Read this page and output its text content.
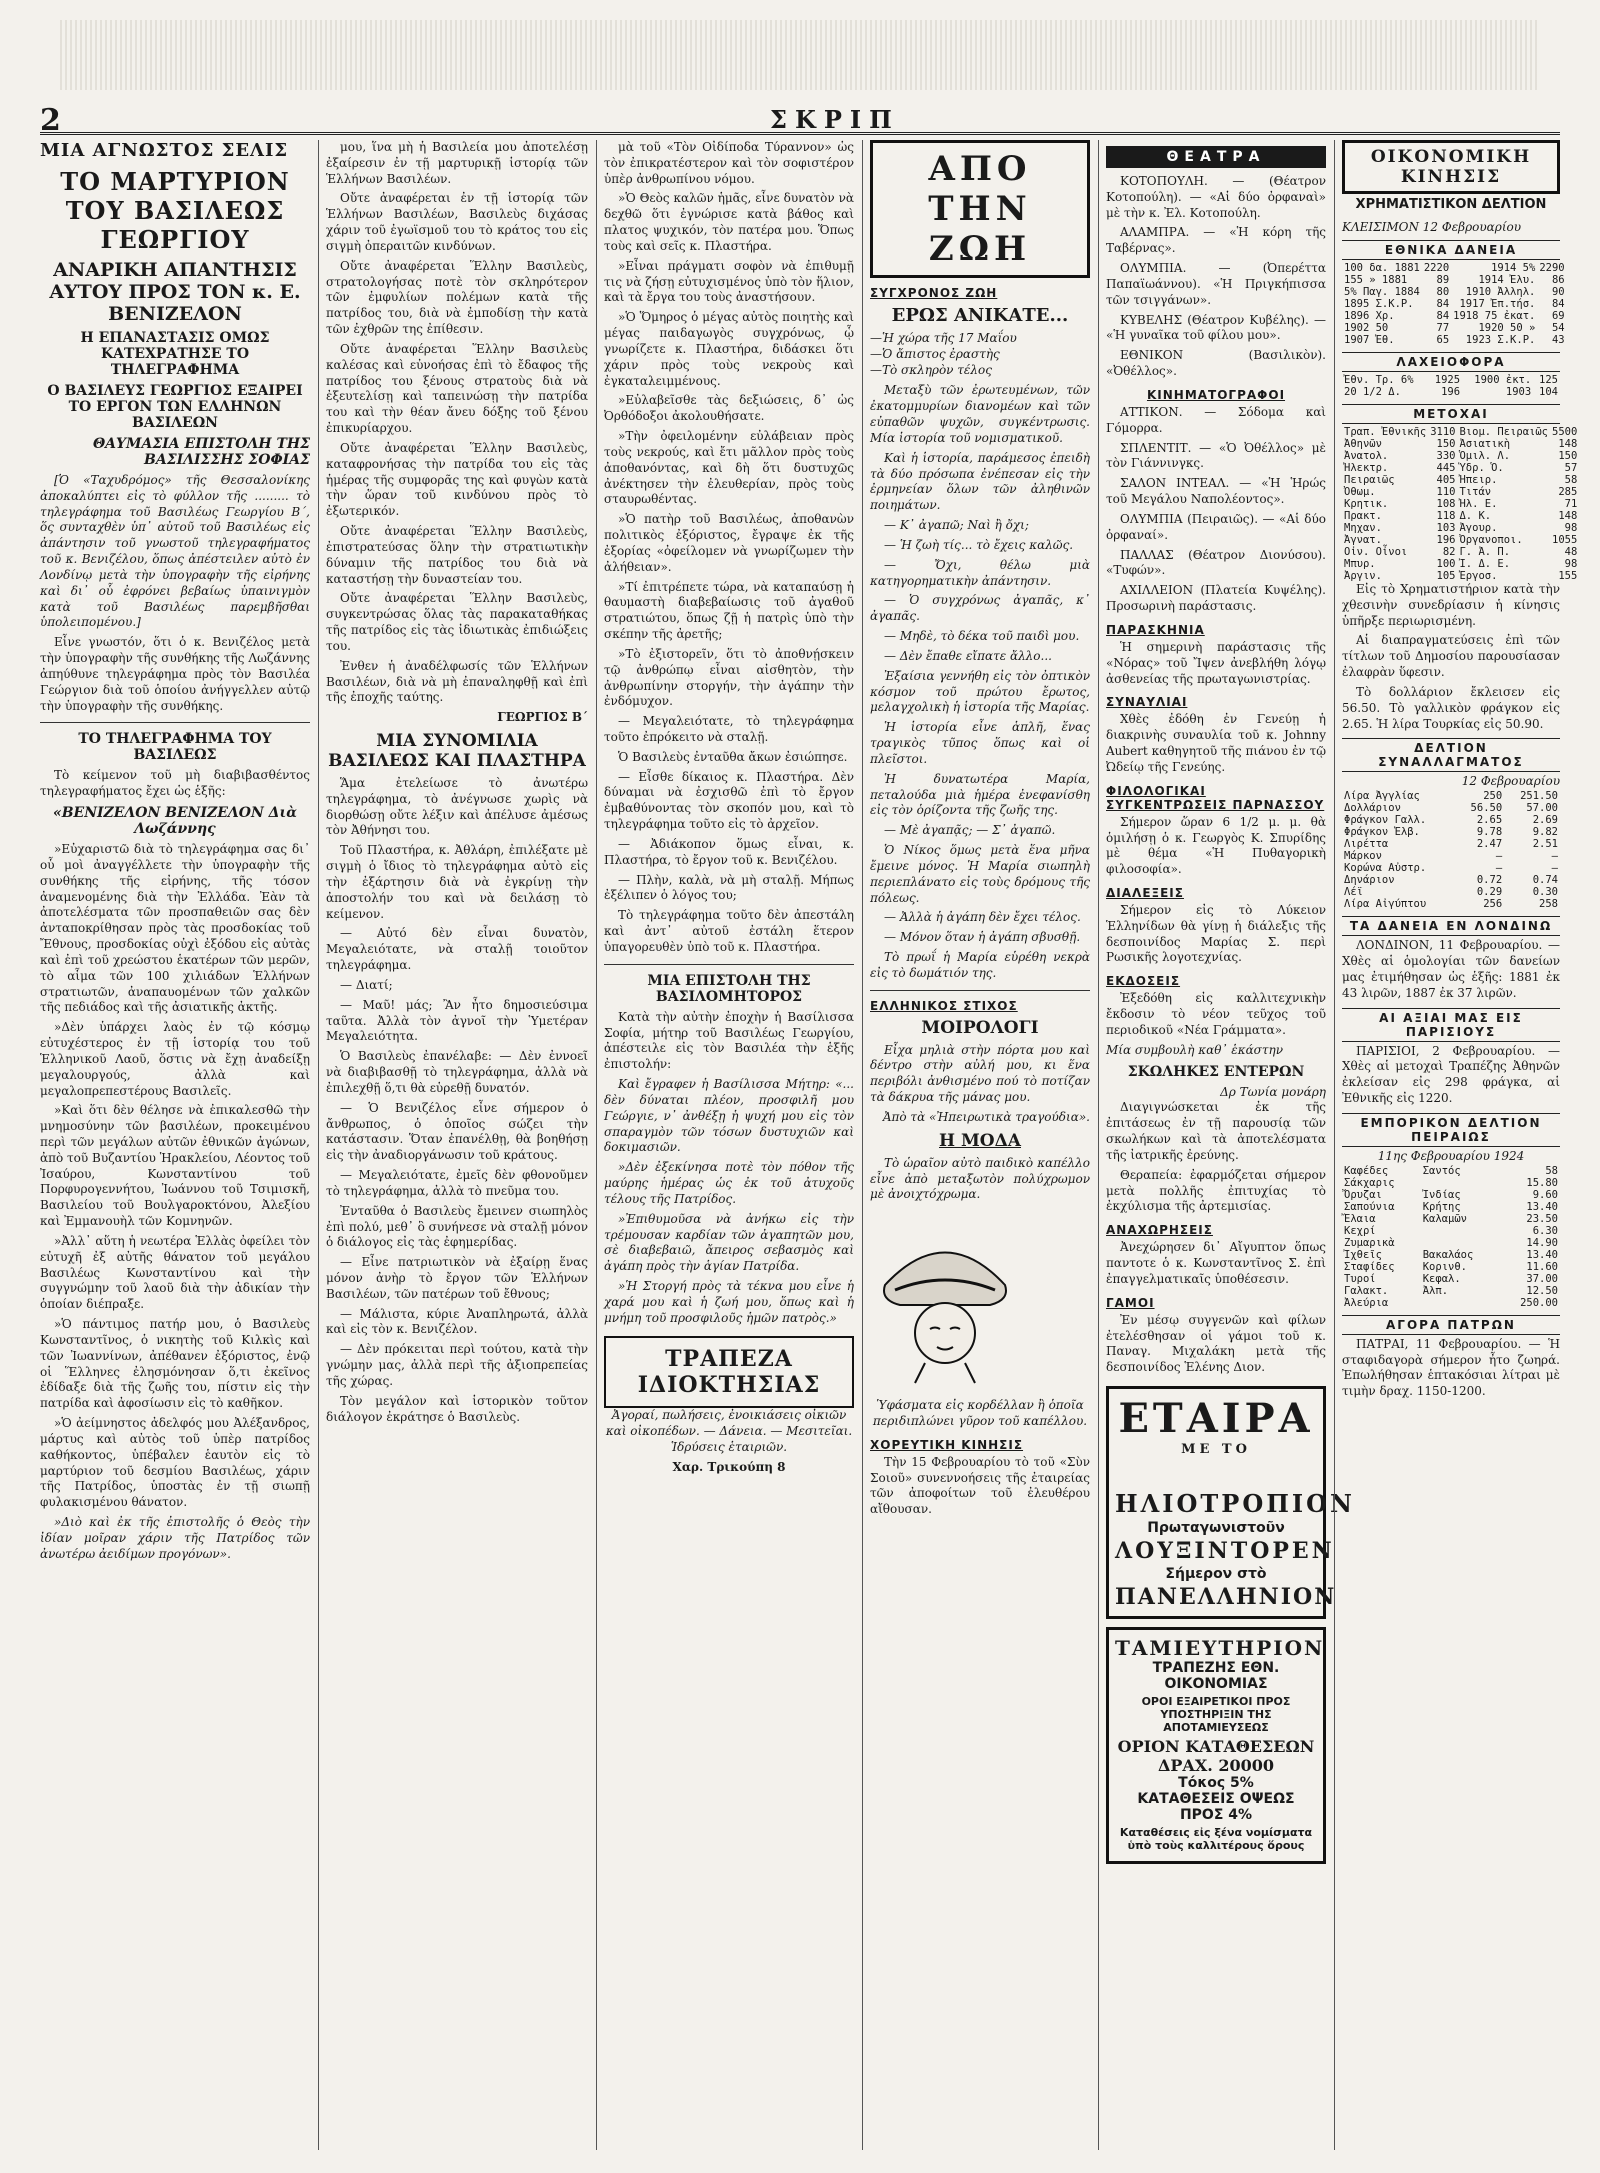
2	ΣΚΡΙΠ
ΜΙΑ ΑΓΝΩΣΤΟΣ ΣΕΛΙΣ
ΤΟ ΜΑΡΤΥΡΙΟΝ ΤΟΥ ΒΑΣΙΛΕΩΣ ΓΕΩΡΓΙΟΥ
ΑΝΑΡΙΚΗ ΑΠΑΝΤΗΣΙΣ ΑΥΤΟΥ ΠΡΟΣ ΤΟΝ κ. Ε. ΒΕΝΙΖΕΛΟΝ
Η ΕΠΑΝΑΣΤΑΣΙΣ ΟΜΩΣ ΚΑΤΕΧΡΑΤΗΣΕ ΤΟ ΤΗΛΕΓΡΑΦΗΜΑ
Ο ΒΑΣΙΛΕΥΣ ΓΕΩΡΓΙΟΣ ΕΞΑΙΡΕΙ ΤΟ ΕΡΓΟΝ ΤΩΝ ΕΛΛΗΝΩΝ ΒΑΣΙΛΕΩΝ
ΘΑΥΜΑΣΙΑ ΕΠΙΣΤΟΛΗ ΤΗΣ ΒΑΣΙΛΙΣΣΗΣ ΣΟΦΙΑΣ

[Ὁ «Ταχυδρόμος» τῆς Θεσσαλονίκης ἀποκαλύπτει εἰς τὸ φύλλον τῆς ......... τὸ τηλεγράφημα τοῦ Βασιλέως Γεωργίου Β΄, ὅς συνταχθὲν ὑπ᾽ αὐτοῦ τοῦ Βασιλέως εἰς ἀπάντησιν τοῦ γνωστοῦ τηλεγραφήματος τοῦ κ. Βενιζέλου, ὅπως ἀπέστειλεν αὐτὸ ἐν Λονδίνῳ μετὰ τὴν ὑπογραφὴν τῆς εἰρήνης καὶ δι᾽ οὗ ἐφρόνει βεβαίως ὑπαινιγμὸν κατὰ τοῦ Βασιλέως παρεμβῆσθαι ὑπολειπομένου.]

Εἶνε γνωστόν, ὅτι ὁ κ. Βενιζέλος μετὰ τὴν ὑπογραφὴν τῆς συνθήκης τῆς Λωζάννης ἀπηύθυνε τηλεγράφημα πρὸς τὸν Βασιλέα Γεώργιον διὰ τοῦ ὁποίου ἀνήγγελλεν αὐτῷ τὴν ὑπογραφὴν τῆς συνθήκης.

ΤΟ ΤΗΛΕΓΡΑΦΗΜΑ ΤΟΥ ΒΑΣΙΛΕΩΣ

Τὸ κείμενον τοῦ μὴ διαβιβασθέντος τηλεγραφήματος ἔχει ὡς ἑξῆς:

«ΒΕΝΙΖΕΛΟΝ ΒΕΝΙΖΕΛΟΝ Διὰ Λωζάννης

»Εὐχαριστῶ διὰ τὸ τηλεγράφημα σας δι᾽ οὗ μοὶ ἀναγγέλλετε τὴν ὑπογραφὴν τῆς συνθήκης τῆς εἰρήνης, τῆς τόσον ἀναμενομένης διὰ τὴν Ἑλλάδα. Ἐὰν τὰ ἀποτελέσματα τῶν προσπαθειῶν σας δὲν ἀνταποκρίθησαν πρὸς τὰς προσδοκίας τοῦ Ἔθνους, προσδοκίας οὐχὶ ἐξόδου εἰς αὐτὰς καὶ ἐπὶ τοῦ χρεώστου ἑκατέρων τῶν μερῶν, τὸ αἷμα τῶν 100 χιλιάδων Ἑλλήνων στρατιωτῶν, ἀναπαυομένων τῶν χαλκῶν τῆς πεδιάδος καὶ τῆς ἀσιατικῆς ἀκτῆς.

»Δὲν ὑπάρχει λαὸς ἐν τῷ κόσμῳ εὐτυχέστερος ἐν τῇ ἱστορίᾳ του τοῦ Ἑλληνικοῦ Λαοῦ, ὅστις νὰ ἔχῃ ἀναδείξῃ μεγαλουργούς, ἀλλὰ καὶ μεγαλοπρεπεστέρους Βασιλεῖς.

»Καὶ ὅτι δὲν θέλησε νὰ ἐπικαλεσθῶ τὴν μνημοσύνην τῶν βασιλέων, προκειμένου περὶ τῶν μεγάλων αὐτῶν ἐθνικῶν ἀγώνων, ἀπὸ τοῦ Βυζαντίου Ἡρακλείου, Λέοντος τοῦ Ἰσαύρου, Κωνσταντίνου τοῦ Πορφυρογεννήτου, Ἰωάννου τοῦ Τσιμισκῆ, Βασιλείου τοῦ Βουλγαροκτόνου, Ἀλεξίου καὶ Ἐμμανουὴλ τῶν Κομνηνῶν.

»Ἀλλ᾽ αὕτη ἡ νεωτέρα Ἑλλὰς ὀφείλει τὸν εὐτυχῆ ἐξ αὐτῆς θάνατον τοῦ μεγάλου Βασιλέως Κωνσταντίνου καὶ τὴν συγγνώμην τοῦ λαοῦ διὰ τὴν ἀδικίαν τὴν ὁποίαν διέπραξε.

»Ὁ πάντιμος πατήρ μου, ὁ Βασιλεὺς Κωνσταντῖνος, ὁ νικητὴς τοῦ Κιλκὶς καὶ τῶν Ἰωαννίνων, ἀπέθανεν ἐξόριστος, ἐνῷ οἱ Ἕλληνες ἐλησμόνησαν ὅ,τι ἐκεῖνος ἐδίδαξε διὰ τῆς ζωῆς του, πίστιν εἰς τὴν πατρίδα καὶ ἀφοσίωσιν εἰς τὸ καθῆκον.

»Ὁ ἀείμνηστος ἀδελφός μου Ἀλέξανδρος, μάρτυς καὶ αὐτὸς τοῦ ὑπὲρ πατρίδος καθήκοντος, ὑπέβαλεν ἑαυτὸν εἰς τὸ μαρτύριον τοῦ δεσμίου Βασιλέως, χάριν τῆς Πατρίδος, ὑποστὰς ἐν τῇ σιωπῇ φυλακισμένου θάνατον.

»Διὸ καὶ ἐκ τῆς ἐπιστολῆς ὁ Θεὸς τὴν ἰδίαν μοῖραν χάριν τῆς Πατρίδος τῶν ἀνωτέρω ἀειδίμων προγόνων».

μου, ἵνα μὴ ἡ Βασιλεία μου ἀποτελέσῃ ἐξαίρεσιν ἐν τῇ μαρτυρικῇ ἱστορίᾳ τῶν Ἑλλήνων Βασιλέων.

Οὔτε ἀναφέρεται ἐν τῇ ἱστορίᾳ τῶν Ἑλλήνων Βασιλέων, Βασιλεὺς διχάσας χάριν τοῦ ἐγωϊσμοῦ του τὸ κράτος του εἰς σιγμὴ ὀπεραιτῶν κινδύνων.

Οὔτε ἀναφέρεται Ἕλλην Βασιλεὺς, στρατολογήσας ποτὲ τὸν σκληρότερον τῶν ἐμφυλίων πολέμων κατὰ τῆς πατρίδος του, διὰ νὰ ἐμποδίσῃ τὴν κατὰ τῶν ἐχθρῶν της ἐπίθεσιν.

Οὔτε ἀναφέρεται Ἕλλην Βασιλεὺς καλέσας καὶ εὐνοήσας ἐπὶ τὸ ἔδαφος τῆς πατρίδος του ξένους στρατοὺς διὰ νὰ ἐξευτελίσῃ καὶ ταπεινώσῃ τὴν πατρίδα του καὶ τὴν θέαν ἄνευ δόξης τοῦ ξένου ἐπικυρίαρχου.

Οὔτε ἀναφέρεται Ἕλλην Βασιλεὺς, καταφρονήσας τὴν πατρίδα του εἰς τὰς ἡμέρας τῆς συμφορᾶς της καὶ φυγὼν κατὰ τὴν ὥραν τοῦ κινδύνου πρὸς τὸ ἐξωτερικόν.

Οὔτε ἀναφέρεται Ἕλλην Βασιλεὺς, ἐπιστρατεύσας ὅλην τὴν στρατιωτικὴν δύναμιν τῆς πατρίδος του διὰ νὰ καταστήσῃ τὴν δυναστείαν του.

Οὔτε ἀναφέρεται Ἕλλην Βασιλεὺς, συγκεντρώσας ὅλας τὰς παρακαταθήκας τῆς πατρίδος εἰς τὰς ἰδιωτικὰς ἐπιδιώξεις του.

Ἐνθεν ἡ ἀναδέλφωσίς τῶν Ἑλλήνων Βασιλέων, διὰ νὰ μὴ ἐπαναληφθῇ καὶ ἐπὶ τῆς ἐποχῆς ταύτης.

ΓΕΩΡΓΙΟΣ Β΄
ΜΙΑ ΣΥΝΟΜΙΛΙΑ ΒΑΣΙΛΕΩΣ ΚΑΙ ΠΛΑΣΤΗΡΑ

Ἅμα ἐτελείωσε τὸ ἀνωτέρω τηλεγράφημα, τὸ ἀνέγνωσε χωρὶς νὰ διορθώσῃ οὔτε λέξιν καὶ ἀπέλυσε ἀμέσως τὸν Ἀθήνησι του.

Τοῦ Πλαστήρα, κ. Ἀθλάρη, ἐπιλέξατε μὲ σιγμὴ ὁ ἴδιος τὸ τηλεγράφημα αὐτὸ εἰς τὴν ἐξάρτησιν διὰ νὰ ἐγκρίνῃ τὴν ἀποστολήν του καὶ νὰ δειλάσῃ τὸ κείμενον.

— Αὐτό δὲν εἶναι δυνατὸν, Μεγαλειότατε, νὰ σταλῇ τοιοῦτον τηλεγράφημα.

— Διατί;

— Μαῦ! μάς; Ἂν ἦτο δημοσιεύσιμα ταῦτα. Ἀλλὰ τὸν ἀγνοῖ τὴν Ὑμετέραν Μεγαλειότητα.

Ὁ Βασιλεὺς ἐπανέλαβε: — Δὲν ἐννοεῖ νὰ διαβιβασθῇ τὸ τηλεγράφημα, ἀλλὰ νὰ ἐπιλεχθῇ ὅ,τι θὰ εὑρεθῇ δυνατόν.

— Ὁ Βενιζέλος εἶνε σήμερον ὁ ἄνθρωπος, ὁ ὁποῖος σώζει τὴν κατάστασιν. Ὅταν ἐπανέλθῃ, θὰ βοηθήσῃ εἰς τὴν ἀναδιοργάνωσιν τοῦ κράτους.

— Μεγαλειότατε, ἐμεῖς δὲν φθονοῦμεν τὸ τηλεγράφημα, ἀλλὰ τὸ πνεῦμα του.

Ἐνταῦθα ὁ Βασιλεὺς ἔμεινεν σιωπηλὸς ἐπὶ πολύ, μεθ᾽ ὃ συνήνεσε νὰ σταλῇ μόνον ὁ διάλογος εἰς τὰς ἐφημερίδας.

— Εἶνε πατριωτικὸν νὰ ἐξαίρῃ ἕνας μόνον ἀνὴρ τὸ ἔργον τῶν Ἑλλήνων Βασιλέων, τῶν πατέρων τοῦ ἔθνους;

— Μάλιστα, κύριε Ἀναπληρωτά, ἀλλὰ καὶ εἰς τὸν κ. Βενιζέλον.

— Δὲν πρόκειται περὶ τούτου, κατὰ τὴν γνώμην μας, ἀλλὰ περὶ τῆς ἀξιοπρεπείας τῆς χώρας.

Τὸν μεγάλον καὶ ἱστορικὸν τοῦτον διάλογον ἐκράτησε ὁ Βασιλεὺς.

μὰ τοῦ «Τὸν Οἰδίποδα Τύραννον» ὡς τὸν ἐπικρατέστερον καὶ τὸν σοφιστέρον ὑπὲρ ἀνθρωπίνου νόμου.

»Ὁ Θεὸς καλῶν ἡμᾶς, εἶνε δυνατὸν νὰ δεχθῶ ὅτι ἐγνώρισε κατὰ βάθος καὶ πλατος ψυχικόν, τὸν πατέρα μου. Ὅπως τοὺς καὶ σεῖς κ. Πλαστήρα.

»Εἶναι πράγματι σοφὸν νὰ ἐπιθυμῇ τις νὰ ζήσῃ εὐτυχισμένος ὑπὸ τὸν ἥλιον, καὶ τὰ ἔργα του τοὺς ἀναστήσουν.

»Ὁ Ὅμηρος ὁ μέγας αὐτὸς ποιητὴς καὶ μέγας παιδαγωγὸς συγχρόνως, ᾧ γνωρίζετε κ. Πλαστήρα, διδάσκει ὅτι χάριν πρὸς τοὺς νεκροὺς καὶ ἐγκαταλειμμένους.

»Εὐλαβεῖσθε τὰς δεξιώσεις, δ᾽ ὡς Ὀρθόδοξοι ἀκολουθήσατε.

»Τὴν ὀφειλομένην εὐλάβειαν πρὸς τοὺς νεκρούς, καὶ ἔτι μᾶλλον πρὸς τοὺς ἀποθανόντας, καὶ δὴ ὅτι δυστυχῶς ἀνέκτησεν τὴν ἐλευθερίαν, πρὸς τοὺς σταυρωθέντας.

»Ὁ πατὴρ τοῦ Βασιλέως, ἀποθανὼν πολιτικὸς ἐξόριστος, ἔγραψε ἐκ τῆς ἐξορίας «ὀφείλομεν νὰ γνωρίζωμεν τὴν ἀλήθειαν».

»Τί ἐπιτρέπετε τώρα, νὰ καταπαύσῃ ἡ θαυμαστὴ διαβεβαίωσις τοῦ ἀγαθοῦ στρατιώτου, ὅπως ζῇ ἡ πατρὶς ὑπὸ τὴν σκέπην τῆς ἀρετῆς;

»Τὸ ἐξιστορεῖν, ὅτι τὸ ἀποθνῄσκειν τῷ ἀνθρώπῳ εἶναι αἰσθητὸν, τὴν ἀνθρωπίνην στοργήν, τὴν ἀγάπην τὴν ἐνδόμυχον.

— Μεγαλειότατε, τὸ τηλεγράφημα τοῦτο ἐπρόκειτο νὰ σταλῇ.

Ὁ Βασιλεὺς ἐνταῦθα ἄκων ἐσιώπησε.

— Εἶσθε δίκαιος κ. Πλαστήρα. Δὲν δύναμαι νὰ ἐσχισθῶ ἐπὶ τὸ ἔργον ἐμβαθύνοντας τὸν σκοπόν μου, καὶ τὸ τηλεγράφημα τοῦτο εἰς τὸ ἀρχεῖον.

— Ἀδιάκοπον ὅμως εἶναι, κ. Πλαστήρα, τὸ ἔργον τοῦ κ. Βενιζέλου.

— Πλὴν, καλὰ, νὰ μὴ σταλῇ. Μήπως ἐξέλιπεν ὁ λόγος του;

Τὸ τηλεγράφημα τοῦτο δὲν ἀπεστάλη καὶ ἀντ᾽ αὐτοῦ ἐστάλη ἕτερον ὑπαγορευθὲν ὑπὸ τοῦ κ. Πλαστήρα.

ΜΙΑ ΕΠΙΣΤΟΛΗ ΤΗΣ ΒΑΣΙΛΟΜΗΤΟΡΟΣ

Κατὰ τὴν αὐτὴν ἐποχὴν ἡ Βασίλισσα Σοφία, μήτηρ τοῦ Βασιλέως Γεωργίου, ἀπέστειλε εἰς τὸν Βασιλέα τὴν ἑξῆς ἐπιστολήν:

Καὶ ἔγραφεν ἡ Βασίλισσα Μήτηρ: «... δὲν δύναται πλέον, προσφιλῆ μου Γεώργιε, ν᾽ ἀνθέξῃ ἡ ψυχή μου εἰς τὸν σπαραγμὸν τῶν τόσων δυστυχιῶν καὶ δοκιμασιῶν.

»Δὲν ἐξεκίνησα ποτὲ τὸν πόθον τῆς μαύρης ἡμέρας ὡς ἐκ τοῦ ἀτυχοῦς τέλους τῆς Πατρίδος.

»Ἐπιθυμοῦσα νὰ ἀνήκω εἰς τὴν τρέμουσαν καρδίαν τῶν ἀγαπητῶν μου, σὲ διαβεβαιῶ, ἄπειρος σεβασμὸς καὶ ἀγάπη πρὸς τὴν ἁγίαν Πατρίδα.

»Ἡ Στοργή πρὸς τὰ τέκνα μου εἶνε ἡ χαρά μου καὶ ἡ ζωή μου, ὅπως καὶ ἡ μνήμη τοῦ προσφιλοῦς ἡμῶν πατρὸς.»

ΤΡΑΠΕΖΑ ΙΔΙΟΚΤΗΣΙΑΣ

Ἀγοραί, πωλήσεις, ἐνοικιάσεις οἰκιῶν καὶ οἰκοπέδων. — Δάνεια. — Μεσιτεῖαι. Ἱδρύσεις ἑταιριῶν.

Χαρ. Τρικούπη 8
ΑΠΟ ΤΗΝ ΖΩΗ
ΣΥΓΧΡΟΝΟΣ ΖΩΗ
ΕΡΩΣ ΑΝΙΚΑΤΕ...
—Ἡ χώρα τῆς 17 Μαΐου
—Ὁ ἄπιστος ἐραστὴς
—Τὸ σκληρὸν τέλος

Μεταξὺ τῶν ἐρωτευμένων, τῶν ἐκατομμυρίων διανομέων καὶ τῶν εὐπαθῶν ψυχῶν, συγκέντρωσις. Μία ἱστορία τοῦ νομισματικοῦ.

Καὶ ἡ ἱστορία, παράμεσος ἐπειδὴ τὰ δύο πρόσωπα ἐνέπεσαν εἰς τὴν ἐρμηνείαν ὅλων τῶν ἀληθινῶν ποιημάτων.

— Κ᾽ ἀγαπῶ; Ναὶ ἢ ὄχι;

— Ἡ ζωὴ τίς... τὸ ἔχεις καλῶς.

— Ὄχι, θέλω μιὰ κατηγορηματικὴν ἀπάντησιν.

— Ὁ συγχρόνως ἀγαπᾶς, κ᾽ ἀγαπᾶς.

— Μηδὲ, τὸ δέκα τοῦ παιδὶ μου.

— Δὲν ἔπαθε εἴπατε ἄλλο...

Ἐξαίσια γεννήθη εἰς τὸν ὀπτικὸν κόσμον τοῦ πρώτου ἔρωτος, μελαγχολικὴ ἡ ἱστορία τῆς Μαρίας.

Ἡ ἱστορία εἶνε ἁπλῆ, ἕνας τραγικὸς τῦπος ὅπως καὶ οἱ πλεῖστοι.

Ἡ δυνατωτέρα Μαρία, πεταλούδα μιὰ ἡμέρα ἐνεφανίσθη εἰς τὸν ὁρίζοντα τῆς ζωῆς της.

— Μὲ ἀγαπᾷς; — Σ᾽ ἀγαπῶ.

Ὁ Νίκος ὅμως μετὰ ἕνα μῆνα ἔμεινε μόνος. Ἡ Μαρία σιωπηλὴ περιεπλάνατο εἰς τοὺς δρόμους τῆς πόλεως.

— Ἀλλὰ ἡ ἀγάπη δὲν ἔχει τέλος.

— Μόνον ὅταν ἡ ἀγάπη σβυσθῇ.

Τὸ πρωΐ ἡ Μαρία εὑρέθη νεκρὰ εἰς τὸ δωμάτιόν της.

ΕΛΛΗΝΙΚΟΣ ΣΤΙΧΟΣ
ΜΟΙΡΟΛΟΓΙ

Εἶχα μηλιὰ στὴν πόρτα μου καὶ δέντρο στὴν αὐλή μου, κι ἕνα περιβόλι ἀνθισμένο πού τὸ ποτίζαν τὰ δάκρυα τῆς μάνας μου.

Ἀπὸ τὰ «Ἠπειρωτικὰ τραγούδια».
Η ΜΟΔΑ

Τὸ ὡραῖον αὐτὸ παιδικὸ καπέλλο εἶνε ἀπὸ μεταξωτὸν πολύχρωμον μὲ ἀνοιχτόχρωμα.

Ὑφάσματα εἰς κορδέλλαν ἢ ὁποῖα περιδιπλώνει γῦρον τοῦ καπέλλου.

ΧΟΡΕΥΤΙΚΗ ΚΙΝΗΣΙΣ

Τὴν 15 Φεβρουαρίου τὸ τοῦ «Σὺν Σοιοῦ» συνεννοήσεις τῆς ἐταιρείας τῶν ἀποφοίτων τοῦ ἐλευθέρου αἴθουσαν.

ΘΕΑΤΡΑ

ΚΟΤΟΠΟΥΛΗ. — (Θέατρον Κοτοπούλη). — «Αἱ δύο ὀρφαναὶ» μὲ τὴν κ. Ἐλ. Κοτοπούλη.

ΑΛΑΜΠΡΑ. — «Ἡ κόρη τῆς Ταβέρνας».

ΟΛΥΜΠΙΑ. — (Ὀπερέττα Παπαϊωάννου). «Ἡ Πριγκήπισσα τῶν τσιγγάνων».

ΚΥΒΕΛΗΣ (Θέατρον Κυβέλης). — «Ἡ γυναῖκα τοῦ φίλου μου».

ΕΘΝΙΚΟΝ (Βασιλικὸν). «Ὀθέλλος».

ΚΙΝΗΜΑΤΟΓΡΑΦΟΙ

ΑΤΤΙΚΟΝ. — Σόδομα καὶ Γόμορρα.

ΣΠΛΕΝΤΙΤ. — «Ὁ Ὀθέλλος» μὲ τὸν Γιάννινγκς.

ΣΑΛΟΝ ΙΝΤΕΑΛ. — «Ἡ Ἡρώς τοῦ Μεγάλου Ναπολέοντος».

ΟΛΥΜΠΙΑ (Πειραιῶς). — «Αἱ δύο ὀρφαναί».

ΠΑΛΛΑΣ (Θέατρον Διονύσου). «Τυφών».

ΑΧΙΛΛΕΙΟΝ (Πλατεία Κυψέλης). Προσωρινὴ παράστασις.

ΠΑΡΑΣΚΗΝΙΑ

Ἡ σημερινὴ παράστασις τῆς «Νόρας» τοῦ Ἴψεν ἀνεβλήθη λόγῳ ἀσθενείας τῆς πρωταγωνιστρίας.

ΣΥΝΑΥΛΙΑΙ

Χθὲς ἐδόθη ἐν Γενεύῃ ἡ διακρινὴς συναυλία τοῦ κ. Johnny Aubert καθηγητοῦ τῆς πιάνου ἐν τῷ Ὠδείῳ τῆς Γενεύης.

ΦΙΛΟΛΟΓΙΚΑΙ ΣΥΓΚΕΝΤΡΩΣΕΙΣ ΠΑΡΝΑΣΣΟΥ

Σήμερον ὥραν 6 1/2 μ. μ. θὰ ὁμιλήσῃ ὁ κ. Γεωργὸς Κ. Σπυρίδης μὲ θέμα «Ἡ Πυθαγορικὴ φιλοσοφία».

ΔΙΑΛΕΞΕΙΣ

Σήμερον εἰς τὸ Λύκειον Ἑλληνίδων θὰ γίνῃ ἡ διάλεξις τῆς δεσποινίδος Μαρίας Σ. περὶ Ρωσικῆς λογοτεχνίας.

ΕΚΔΟΣΕΙΣ

Ἐξεδόθη εἰς καλλιτεχνικὴν ἔκδοσιν τὸ νέον τεῦχος τοῦ περιοδικοῦ «Νέα Γράμματα».

Μία συμβουλὴ καθ᾽ ἑκάστην
ΣΚΩΛΗΚΕΣ ΕΝΤΕΡΩΝ
Δρ Τωνία μονάρη

Διαγιγνώσκεται ἐκ τῆς ἐπιτάσεως ἐν τῇ παρουσίᾳ τῶν σκωλήκων καὶ τὰ ἀποτελέσματα τῆς ἰατρικῆς ἐρεύνης.

Θεραπεία: ἐφαρμόζεται σήμερον μετὰ πολλῆς ἐπιτυχίας τὸ ἐκχύλισμα τῆς ἀρτεμισίας.

ΑΝΑΧΩΡΗΣΕΙΣ

Ἀνεχώρησεν δι᾽ Αἴγυπτον ὅπως παντοτε ὁ κ. Κωνσταντῖνος Σ. ἐπὶ ἐπαγγελματικαῖς ὑποθέσεσιν.

ΓΑΜΟΙ

Ἐν μέσῳ συγγενῶν καὶ φίλων ἐτελέσθησαν οἱ γάμοι τοῦ κ. Παναγ. Μιχαλάκη μετὰ τῆς δεσποινίδος Ἑλένης Διον.

ΕΤΑΙΡΑ $^{ME TO}$
ΗΛΙΟΤΡΟΠΙΟΝ
Πρωταγωνιστοῦν
ΛΟΥΞΙΝΤΟΡΕΝ
Σήμερον στὸ
ΠΑΝΕΛΛΗΝΙΟΝ
ΤΑΜΙΕΥΤΗΡΙΟΝ
ΤΡΑΠΕΖΗΣ ΕΘΝ. ΟΙΚΟΝΟΜΙΑΣ
ΟΡΟΙ ΕΞΑΙΡΕΤΙΚΟΙ ΠΡΟΣ ΥΠΟΣΤΗΡΙΞΙΝ ΤΗΣ ΑΠΟΤΑΜΙΕΥΣΕΩΣ
ΟΡΙΟΝ ΚΑΤΑΘΕΣΕΩΝ ΔΡΑΧ. 20000
Τόκος 5%
ΚΑΤΑΘΕΣΕΙΣ ΟΨΕΩΣ ΠΡΟΣ 4%
Καταθέσεις εἰς ξένα νομίσματα ὑπὸ τοὺς καλλιτέρους ὅρους
ΟΙΚΟΝΟΜΙΚΗ ΚΙΝΗΣΙΣ
ΧΡΗΜΑΤΙΣΤΙΚΟΝ ΔΕΛΤΙΟΝ
ΚΛΕΙΣΙΜΟΝ 12 Φεβρουαρίου
ΕΘΝΙΚΑ ΔΑΝΕΙΑ
100 δα. 1881	2220	1914 5%	2290
155 » 1881	89	1914 Ἐλυ.	86
5% Παγ. 1884	80	1910 Ἀλληλ.	90
1895 Σ.Κ.Ρ.	84	1917 Ἐπ.τήσ.	84
1896 Χρ.	84	1918 75 ἐκατ.	69
1902 50	77	1920 50 »	54
1907 Ἐθ.	65	1923 Σ.Κ.Ρ.	43
ΛΑΧΕΙΟΦΟΡΑ
Ἐθν. Τρ. 6%	1925	1900 ἐκτ.	125
20 1/2 Δ.	196	1903	104
ΜΕΤΟΧΑΙ
Τραπ. Ἐθνικῆς	3110	Βιομ. Πειραιῶς	5500
Ἀθηνῶν	150	Ἀσιατικὴ	148
Ἀνατολ.	330	Ὁμιλ. Λ.	150
Ἠλεκτρ.	445	Ὑδρ. Ὁ.	57
Πειραιῶς	405	Ἠπειρ.	58
Ὀθωμ.	110	Τιτάν	285
Κρητικ.	108	Ἠλ. Ε.	71
Πρακτ.	118	Δ. Κ.	148
Μηχαν.	103	Ἀγουρ.	98
Ἀγνατ.	196	Ὀργανοποι.	1055
Οἰν. Οἶνοι	82	Γ. Ἀ. Π.	48
Μπυρ.	100	Ἰ. Δ. Ε.	98
Ἀργιν.	105	Ἐργοσ.	155

Εἰς τὸ Χρηματιστήριον κατὰ τὴν χθεσινὴν συνεδρίασιν ἡ κίνησις ὑπῆρξε περιωρισμένη.

Αἱ διαπραγματεύσεις ἐπὶ τῶν τίτλων τοῦ Δημοσίου παρουσίασαν ἐλαφρὰν ὕφεσιν.

Τὸ δολλάριον ἔκλεισεν εἰς 56.50. Τὸ γαλλικὸν φράγκον εἰς 2.65. Ἡ λίρα Τουρκίας εἰς 50.90.

ΔΕΛΤΙΟΝ ΣΥΝΑΛΛΑΓΜΑΤΟΣ
12 Φεβρουαρίου
Λίρα Ἀγγλίας	250	251.50
Δολλάριον	56.50	57.00
Φράγκον Γαλλ.	2.65	2.69
Φράγκον Ἑλβ.	9.78	9.82
Λιρέττα	2.47	2.51
Μάρκον	—	—
Κορώνα Αὐστρ.	—	—
Δηνάριον	0.72	0.74
Λέϊ	0.29	0.30
Λίρα Αἰγύπτου	256	258
ΤΑ ΔΑΝΕΙΑ ΕΝ ΛΟΝΔΙΝΩ

ΛΟΝΔΙΝΟΝ, 11 Φεβρουαρίου. — Χθὲς αἱ ὁμολογίαι τῶν δανείων μας ἐτιμήθησαν ὡς ἑξῆς: 1881 ἐκ 43 λιρῶν, 1887 ἐκ 37 λιρῶν.

ΑΙ ΑΞΙΑΙ ΜΑΣ ΕΙΣ ΠΑΡΙΣΙΟΥΣ

ΠΑΡΙΣΙΟΙ, 2 Φεβρουαρίου. — Χθὲς αἱ μετοχαὶ Τραπέζης Ἀθηνῶν ἐκλείσαν εἰς 298 φράγκα, αἱ Ἐθνικῆς εἰς 1220.

ΕΜΠΟΡΙΚΟΝ ΔΕΛΤΙΟΝ ΠΕΙΡΑΙΩΣ
11ης Φεβρουαρίου 1924
Καφέδες	Σαντός	58
Σάκχαρις		15.80
Ὄρυζαι	Ἰνδίας	9.60
Σαπούνια	Κρήτης	13.40
Ἔλαια	Καλαμῶν	23.50
Κεχρί		6.30
Ζυμαρικὰ		14.90
Ἰχθεῖς	Βακαλάος	13.40
Σταφίδες	Κορινθ.	11.60
Τυροί	Κεφαλ.	37.00
Γαλακτ.	Ἀλπ.	12.50
Ἀλεύρια		250.00
ΑΓΟΡΑ ΠΑΤΡΩΝ

ΠΑΤΡΑΙ, 11 Φεβρουαρίου. — Ἡ σταφιδαγορὰ σήμερον ἦτο ζωηρά. Ἐπωλήθησαν ἑπτακόσιαι λίτραι μὲ τιμὴν δραχ. 1150-1200.
